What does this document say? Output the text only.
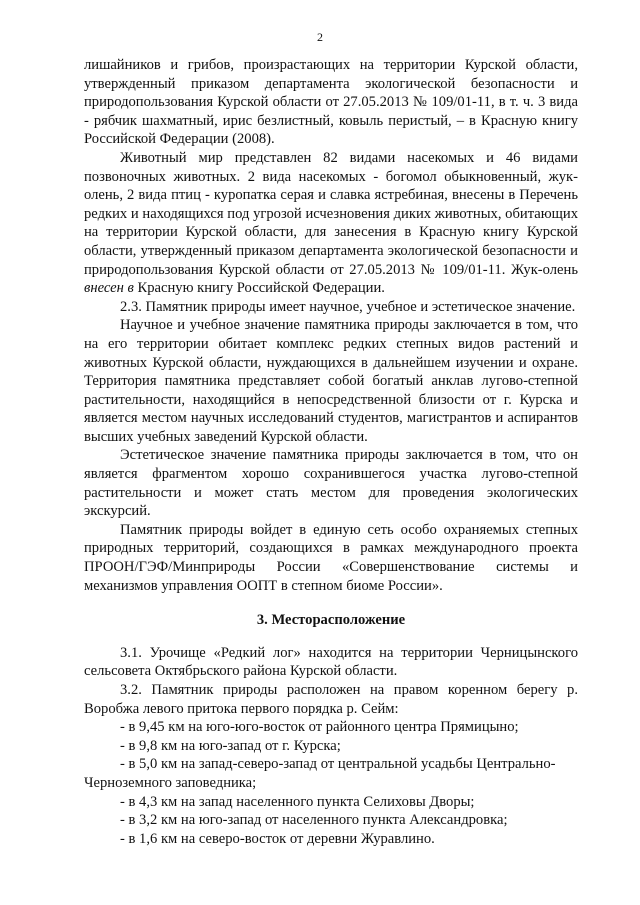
2

лишайников и грибов, произрастающих на территории Курской области, утвержденный приказом департамента экологической безопасности и природопользования Курской области от 27.05.2013 № 109/01-11, в т. ч. 3 вида - рябчик шахматный, ирис безлистный, ковыль перистый, – в Красную книгу Российской Федерации (2008).

Животный мир представлен 82 видами насекомых и 46 видами позвоночных животных. 2 вида насекомых - богомол обыкновенный, жук-олень, 2 вида птиц - куропатка серая и славка ястребиная, внесены в Перечень редких и находящихся под угрозой исчезновения диких животных, обитающих на территории Курской области, для занесения в Красную книгу Курской области, утвержденный приказом департамента экологической безопасности и природопользования Курской области от 27.05.2013 № 109/01-11. Жук-олень внесен в Красную книгу Российской Федерации.

2.3. Памятник природы имеет научное, учебное и эстетическое значение.

Научное и учебное значение памятника природы заключается в том, что на его территории обитает комплекс редких степных видов растений и животных Курской области, нуждающихся в дальнейшем изучении и охране. Территория памятника представляет собой богатый анклав лугово-степной растительности, находящийся в непосредственной близости от г. Курска и является местом научных исследований студентов, магистрантов и аспирантов высших учебных заведений Курской области.

Эстетическое значение памятника природы заключается в том, что он является фрагментом хорошо сохранившегося участка лугово-степной растительности и может стать местом для проведения экологических экскурсий.

Памятник природы войдет в единую сеть особо охраняемых степных природных территорий, создающихся в рамках международного проекта ПРООН/ГЭФ/Минприроды России «Совершенствование системы и механизмов управления ООПТ в степном биоме России».

3. Месторасположение

3.1. Урочище «Редкий лог» находится на территории Черницынского сельсовета Октябрьского района Курской области.

3.2. Памятник природы расположен на правом коренном берегу р. Воробжа левого притока первого порядка р. Сейм:

- в 9,45 км на юго-юго-восток от районного центра Прямицыно;

- в 9,8 км на юго-запад от г. Курска;

- в 5,0 км на запад-северо-запад от центральной усадьбы Центрально-Черноземного заповедника;

- в 4,3 км на запад населенного пункта Селиховы Дворы;

- в 3,2 км на юго-запад от населенного пункта Александровка;

- в 1,6 км на северо-восток от деревни Журавлино.
